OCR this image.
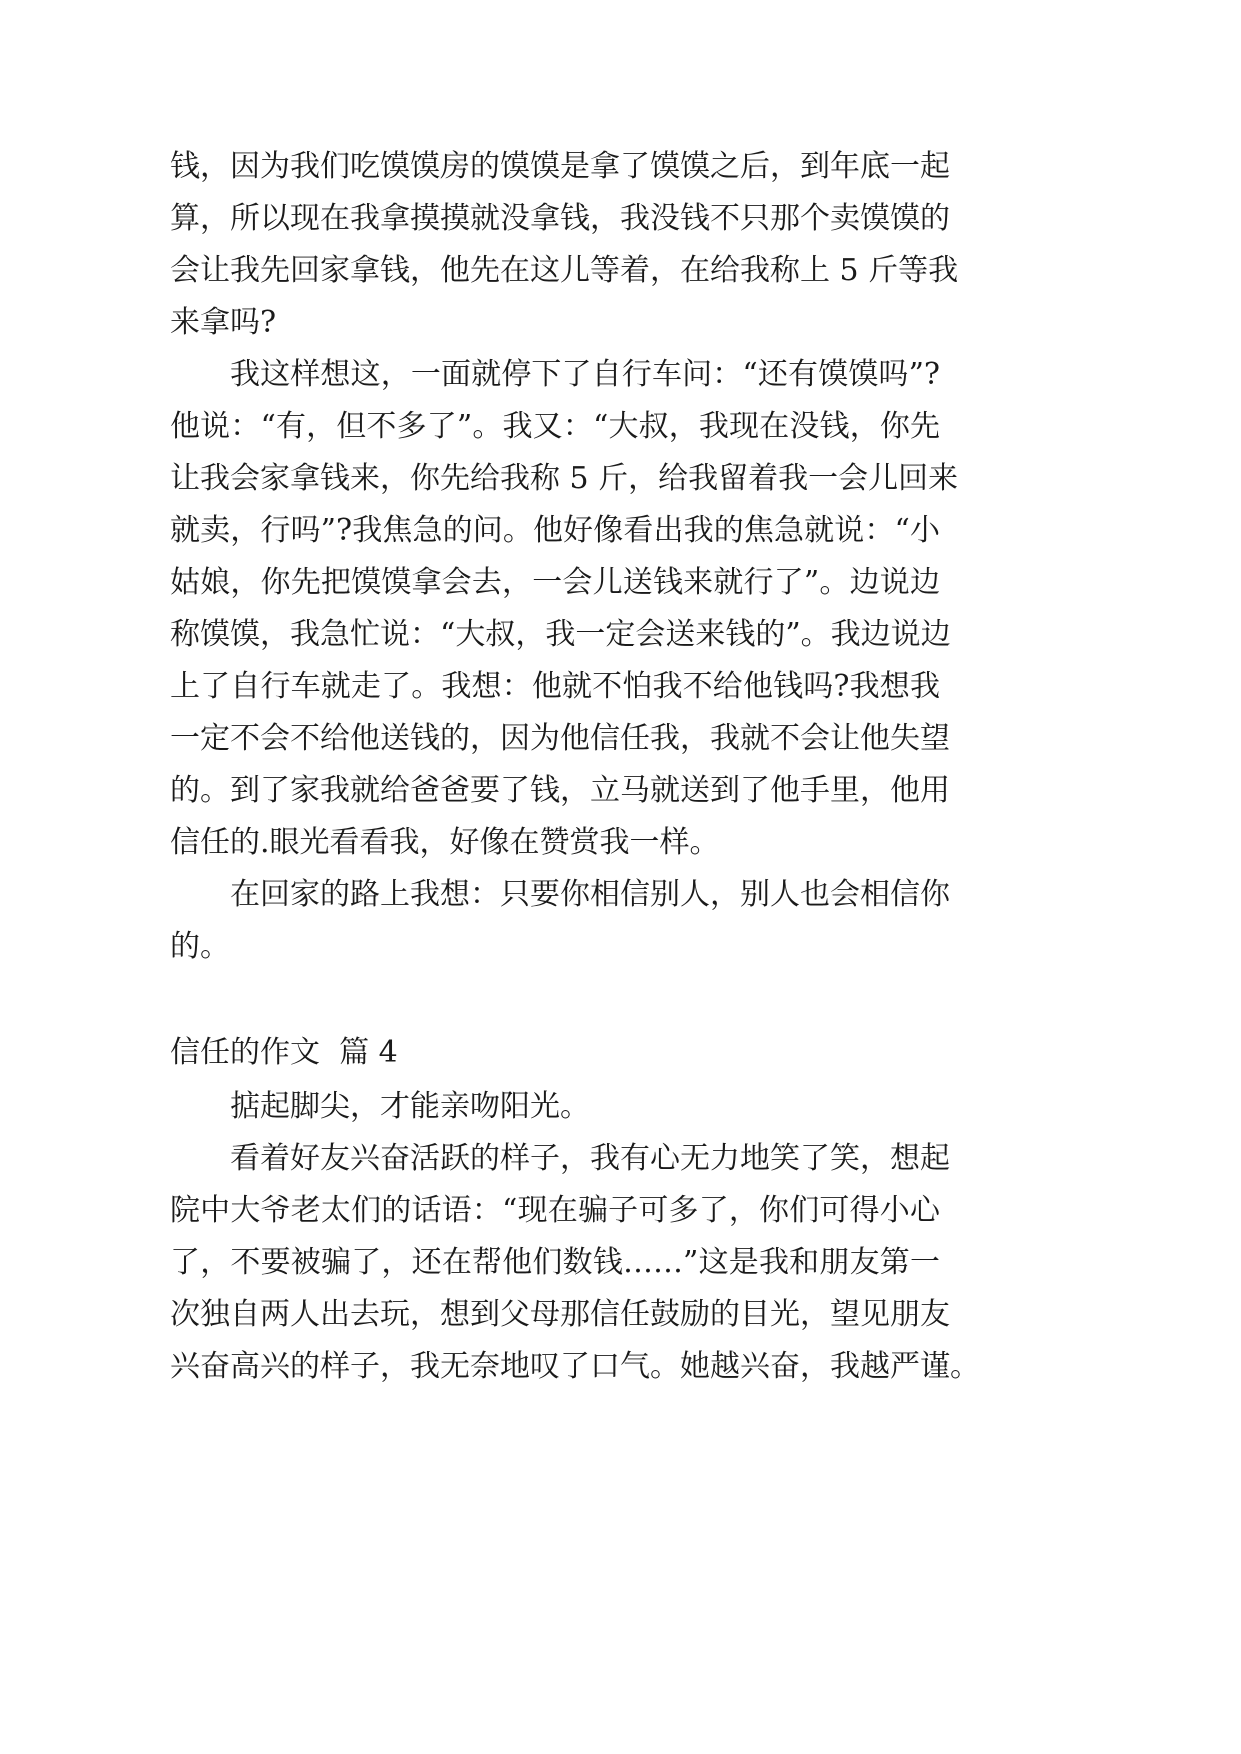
钱，因为我们吃馍馍房的馍馍是拿了馍馍之后，到年底一起
算，所以现在我拿摸摸就没拿钱，我没钱不只那个卖馍馍的
会让我先回家拿钱，他先在这儿等着，在给我称上 5 斤等我
来拿吗?
我这样想这，一面就停下了自行车问：“还有馍馍吗”?
他说：“有，但不多了”。我又：“大叔，我现在没钱，你先
让我会家拿钱来，你先给我称 5 斤，给我留着我一会儿回来
就卖，行吗”?我焦急的问。他好像看出我的焦急就说：“小
姑娘，你先把馍馍拿会去，一会儿送钱来就行了”。边说边
称馍馍，我急忙说：“大叔，我一定会送来钱的”。我边说边
上了自行车就走了。我想：他就不怕我不给他钱吗?我想我
一定不会不给他送钱的，因为他信任我，我就不会让他失望
的。到了家我就给爸爸要了钱，立马就送到了他手里，他用
信任的.眼光看看我，好像在赞赏我一样。
在回家的路上我想：只要你相信别人，别人也会相信你
的。
信任的作文  篇 4
掂起脚尖，才能亲吻阳光。
看着好友兴奋活跃的样子，我有心无力地笑了笑，想起
院中大爷老太们的话语：“现在骗子可多了，你们可得小心
了，不要被骗了，还在帮他们数钱……”这是我和朋友第一
次独自两人出去玩，想到父母那信任鼓励的目光，望见朋友
兴奋高兴的样子，我无奈地叹了口气。她越兴奋，我越严谨。
